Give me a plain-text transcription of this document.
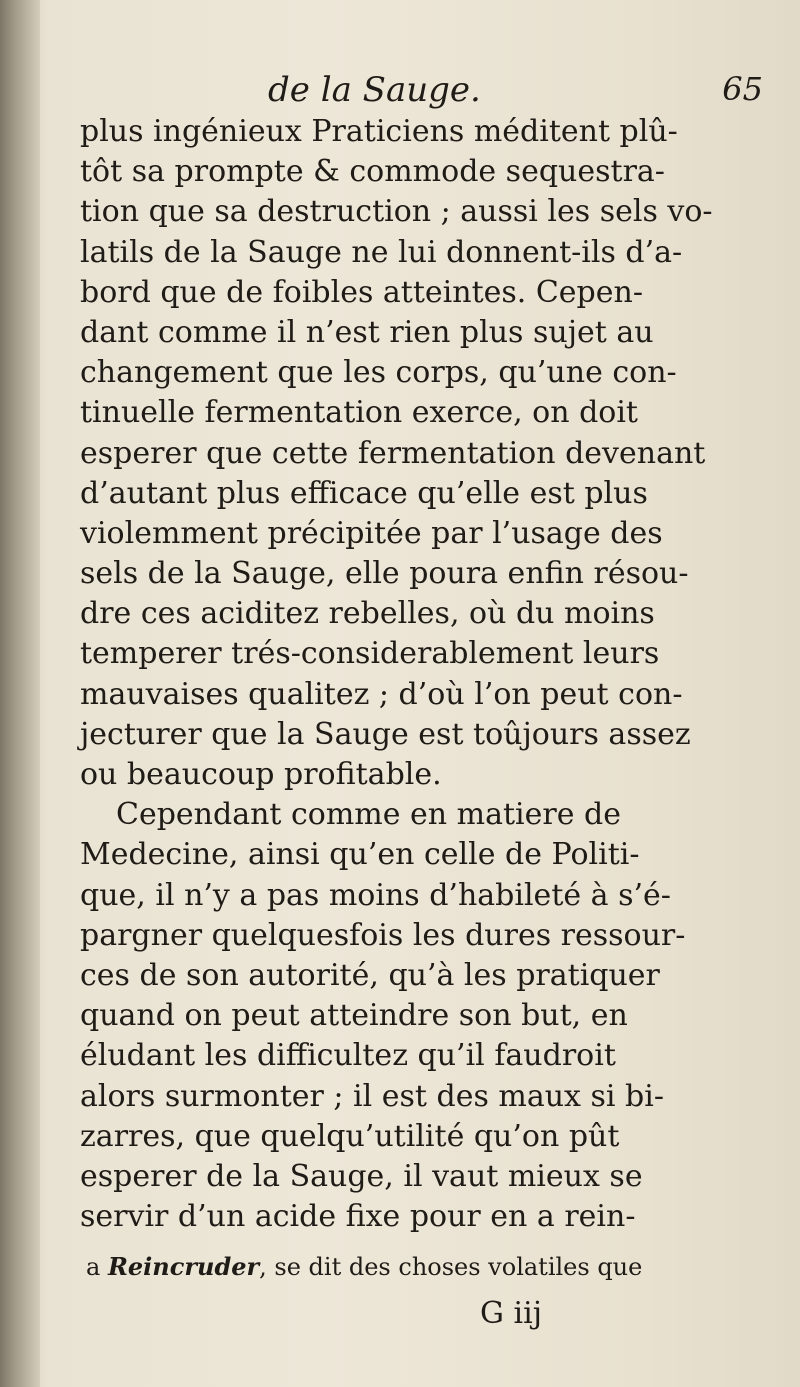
de la Sauge.	65
plus ingénieux Praticiens méditent plû-
tôt sa prompte & commode sequestra-
tion que sa destruction ; aussi les sels vo-
latils de la Sauge ne lui donnent-ils d’a-
bord que de foibles atteintes. Cepen-
dant comme il n’est rien plus sujet au
changement que les corps, qu’une con-
tinuelle fermentation exerce, on doit
esperer que cette fermentation devenant
d’autant plus efficace qu’elle est plus
violemment précipitée par l’usage des
sels de la Sauge, elle poura enfin résou-
dre ces aciditez rebelles, où du moins
temperer trés-considerablement leurs
mauvaises qualitez ; d’où l’on peut con-
jecturer que la Sauge est toûjours assez
ou beaucoup profitable.
Cependant comme en matiere de
Medecine, ainsi qu’en celle de Politi-
que, il n’y a pas moins d’habileté à s’é-
pargner quelquesfois les dures ressour-
ces de son autorité, qu’à les pratiquer
quand on peut atteindre son but, en
éludant les difficultez qu’il faudroit
alors surmonter ; il est des maux si bi-
zarres, que quelqu’utilité qu’on pût
esperer de la Sauge, il vaut mieux se
servir d’un acide fixe pour en a rein-
a Reincruder, se dit des choses volatiles que
G iij
